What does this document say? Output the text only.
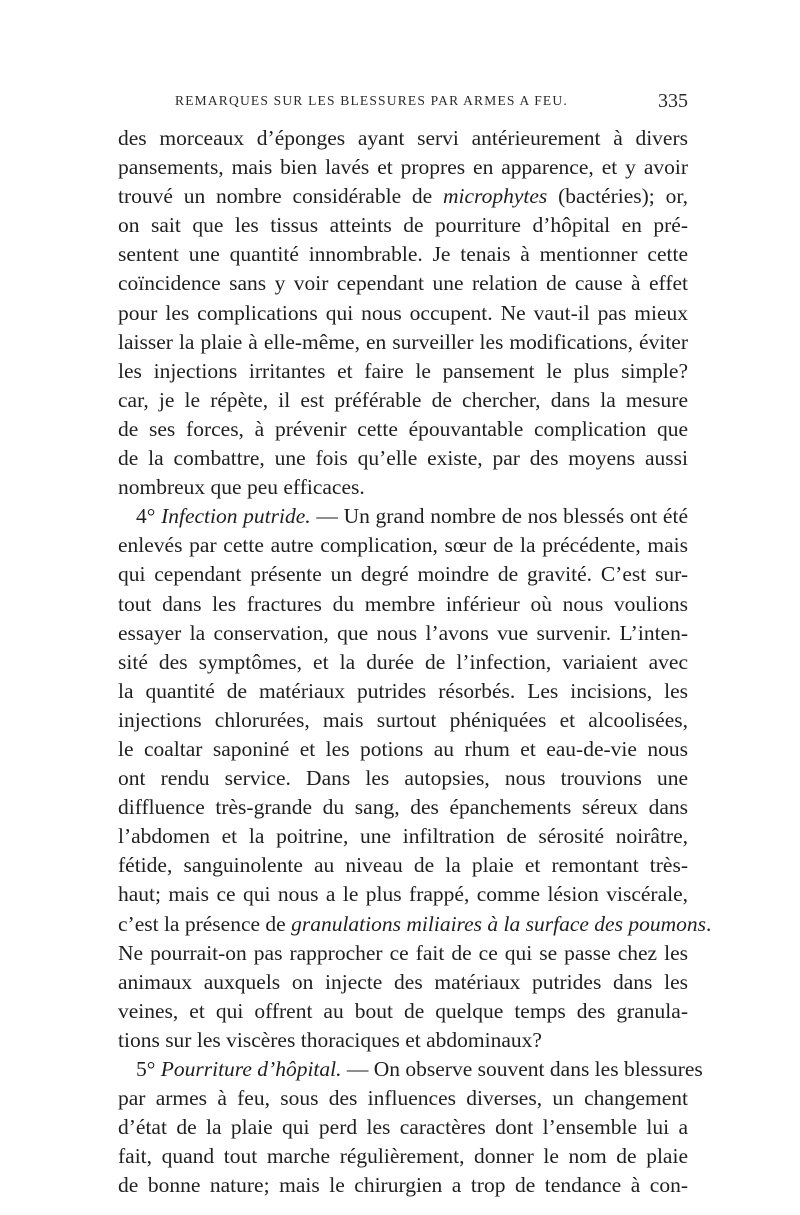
REMARQUES SUR LES BLESSURES PAR ARMES A FEU.	335
des morceaux d’éponges ayant servi antérieurement à divers
pansements, mais bien lavés et propres en apparence, et y avoir
trouvé un nombre considérable de microphytes (bactéries); or,
on sait que les tissus atteints de pourriture d’hôpital en pré-
sentent une quantité innombrable. Je tenais à mentionner cette
coïncidence sans y voir cependant une relation de cause à effet
pour les complications qui nous occupent. Ne vaut-il pas mieux
laisser la plaie à elle-même, en surveiller les modifications, éviter
les injections irritantes et faire le pansement le plus simple?
car, je le répète, il est préférable de chercher, dans la mesure
de ses forces, à prévenir cette épouvantable complication que
de la combattre, une fois qu’elle existe, par des moyens aussi
nombreux que peu efficaces.
4° Infection putride. — Un grand nombre de nos blessés ont été
enlevés par cette autre complication, sœur de la précédente, mais
qui cependant présente un degré moindre de gravité. C’est sur-
tout dans les fractures du membre inférieur où nous voulions
essayer la conservation, que nous l’avons vue survenir. L’inten-
sité des symptômes, et la durée de l’infection, variaient avec
la quantité de matériaux putrides résorbés. Les incisions, les
injections chlorurées, mais surtout phéniquées et alcoolisées,
le coaltar saponiné et les potions au rhum et eau-de-vie nous
ont rendu service. Dans les autopsies, nous trouvions une
diffluence très-grande du sang, des épanchements séreux dans
l’abdomen et la poitrine, une infiltration de sérosité noirâtre,
fétide, sanguinolente au niveau de la plaie et remontant très-
haut; mais ce qui nous a le plus frappé, comme lésion viscérale,
c’est la présence de granulations miliaires à la surface des poumons.
Ne pourrait-on pas rapprocher ce fait de ce qui se passe chez les
animaux auxquels on injecte des matériaux putrides dans les
veines, et qui offrent au bout de quelque temps des granula-
tions sur les viscères thoraciques et abdominaux?
5° Pourriture d’hôpital. — On observe souvent dans les blessures
par armes à feu, sous des influences diverses, un changement
d’état de la plaie qui perd les caractères dont l’ensemble lui a
fait, quand tout marche régulièrement, donner le nom de plaie
de bonne nature; mais le chirurgien a trop de tendance à con-
